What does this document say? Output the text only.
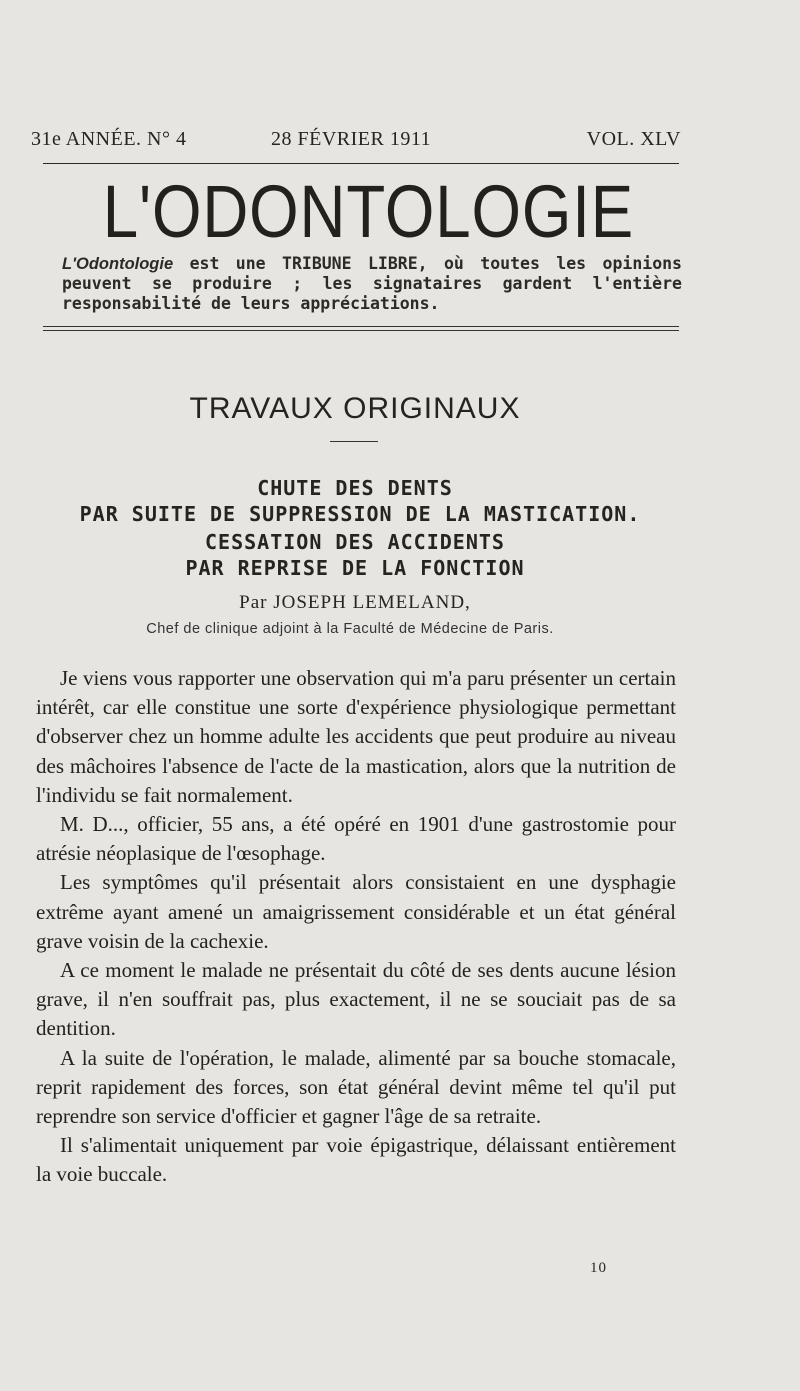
31e ANNÉE. N° 4	28 FÉVRIER 1911	VOL. XLV
L'ODONTOLOGIE
L'Odontologie est une TRIBUNE LIBRE, où toutes les opinions peuvent se produire ; les signataires gardent l'entière responsabilité de leurs appréciations.
TRAVAUX ORIGINAUX
CHUTE DES DENTS
PAR SUITE DE SUPPRESSION DE LA MASTICATION.
CESSATION DES ACCIDENTS
PAR REPRISE DE LA FONCTION
Par JOSEPH LEMELAND,
Chef de clinique adjoint à la Faculté de Médecine de Paris.

Je viens vous rapporter une observation qui m'a paru présenter un certain intérêt, car elle constitue une sorte d'expérience physiologique permettant d'observer chez un homme adulte les accidents que peut produire au niveau des mâchoires l'absence de l'acte de la mastication, alors que la nutrition de l'individu se fait normalement.

M. D..., officier, 55 ans, a été opéré en 1901 d'une gastrostomie pour atrésie néoplasique de l'œsophage.

Les symptômes qu'il présentait alors consistaient en une dysphagie extrême ayant amené un amaigrissement considérable et un état général grave voisin de la cachexie.

A ce moment le malade ne présentait du côté de ses dents aucune lésion grave, il n'en souffrait pas, plus exactement, il ne se souciait pas de sa dentition.

A la suite de l'opération, le malade, alimenté par sa bouche stomacale, reprit rapidement des forces, son état général devint même tel qu'il put reprendre son service d'officier et gagner l'âge de sa retraite.

Il s'alimentait uniquement par voie épigastrique, délaissant entièrement la voie buccale.

10
